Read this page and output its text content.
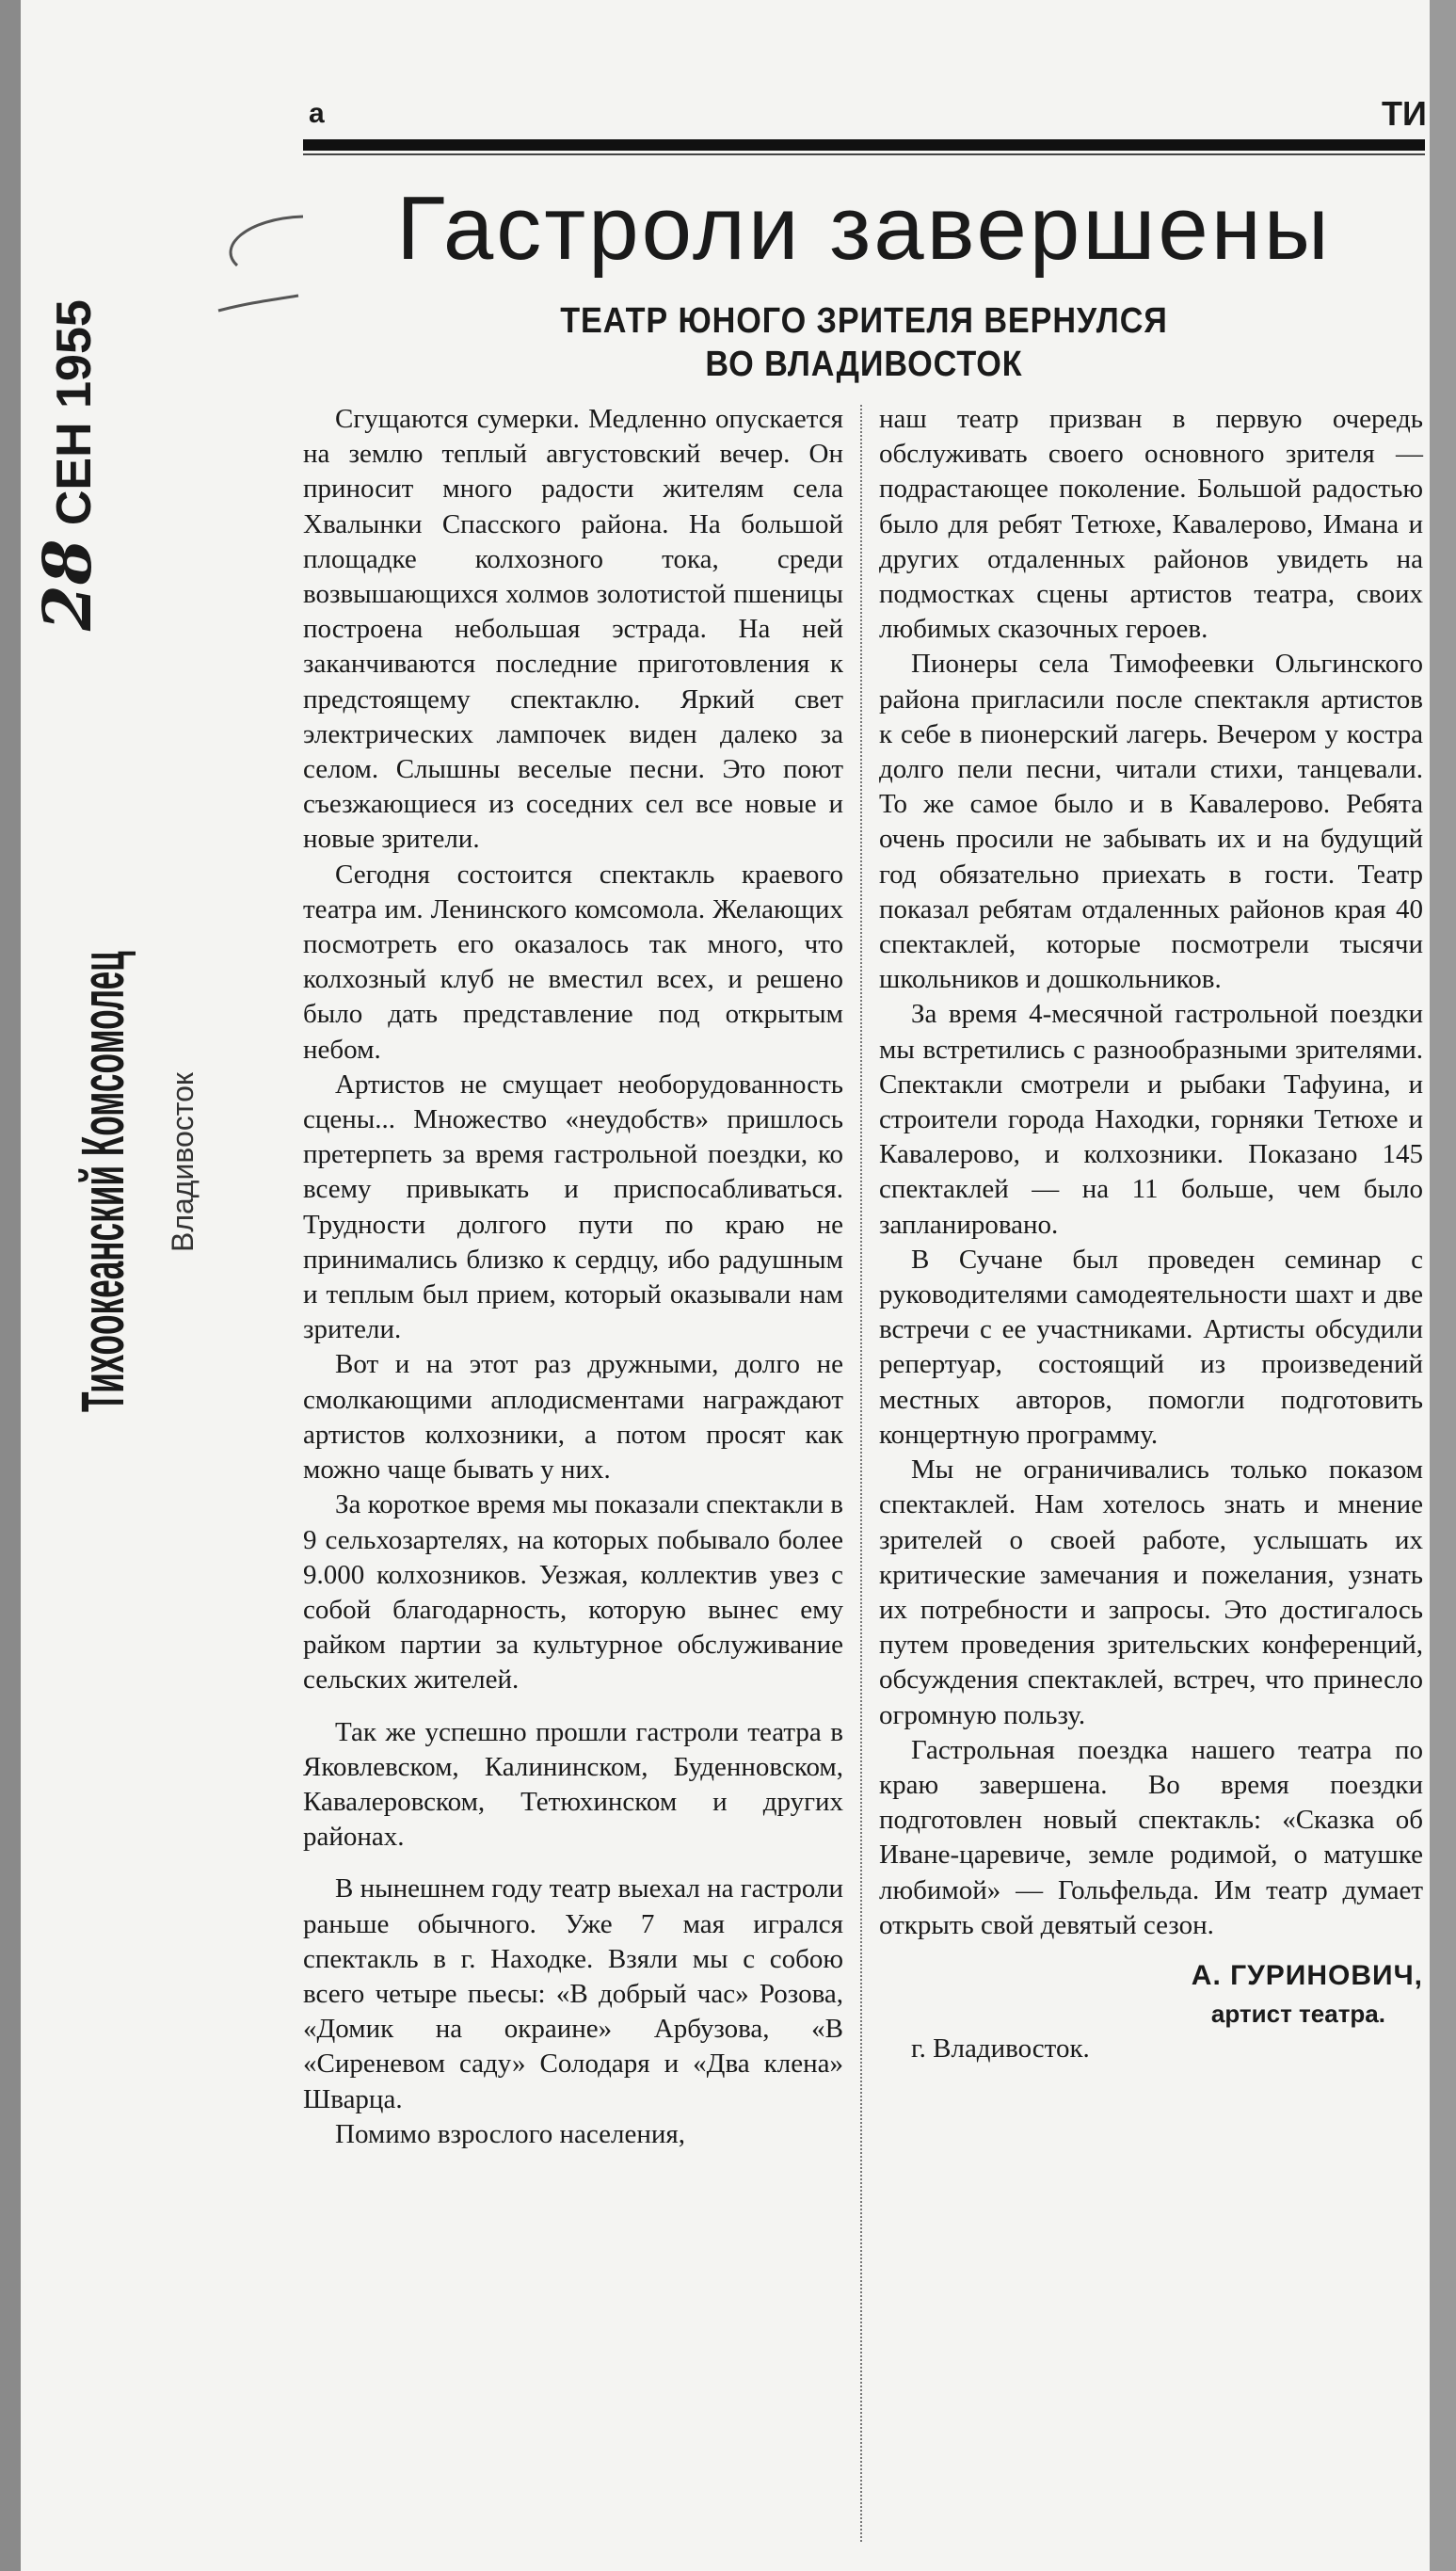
28 СЕН 1955
Тихоокеанский Комсомолец Владивосток
а	ТИ
Гастроли завершены
ТЕАТР ЮНОГО ЗРИТЕЛЯ ВЕРНУЛСЯ
ВО ВЛАДИВОСТОК

Сгущаются сумерки. Медленно опускается на землю теплый августовский вечер. Он приносит много радости жителям села Хвалынки Спасского района. На большой площадке колхозного тока, среди возвышающихся холмов золотистой пшеницы построена небольшая эстрада. На ней заканчиваются последние приготовления к предстоящему спектаклю. Яркий свет электрических лампочек виден далеко за селом. Слышны веселые песни. Это поют съезжающиеся из соседних сел все новые и новые зрители.

Сегодня состоится спектакль краевого театра им. Ленинского комсомола. Желающих посмотреть его оказалось так много, что колхозный клуб не вместил всех, и решено было дать представление под открытым небом.

Артистов не смущает необорудованность сцены... Множество «неудобств» пришлось претерпеть за время гастрольной поездки, ко всему привыкать и приспосабливаться. Трудности долгого пути по краю не принимались близко к сердцу, ибо радушным и теплым был прием, который оказывали нам зрители.

Вот и на этот раз дружными, долго не смолкающими аплодисментами награждают артистов колхозники, а потом просят как можно чаще бывать у них.

За короткое время мы показали спектакли в 9 сельхозартелях, на которых побывало более 9.000 колхозников. Уезжая, коллектив увез с собой благодарность, которую вынес ему райком партии за культурное обслуживание сельских жителей.

Так же успешно прошли гастроли театра в Яковлевском, Калининском, Буденновском, Кавалеровском, Тетюхинском и других районах.

В нынешнем году театр выехал на гастроли раньше обычного. Уже 7 мая игрался спектакль в г. Находке. Взяли мы с собою всего четыре пьесы: «В добрый час» Розова, «Домик на окраине» Арбузова, «В «Сиреневом саду» Солодаря и «Два клена» Шварца.

Помимо взрослого населения,

наш театр призван в первую очередь обслуживать своего основного зрителя — подрастающее поколение. Большой радостью было для ребят Тетюхе, Кавалерово, Имана и других отдаленных районов увидеть на подмостках сцены артистов театра, своих любимых сказочных героев.

Пионеры села Тимофеевки Ольгинского района пригласили после спектакля артистов к себе в пионерский лагерь. Вечером у костра долго пели песни, читали стихи, танцевали. То же самое было и в Кавалерово. Ребята очень просили не забывать их и на будущий год обязательно приехать в гости. Театр показал ребятам отдаленных районов края 40 спектаклей, которые посмотрели тысячи школьников и дошкольников.

За время 4-месячной гастрольной поездки мы встретились с разнообразными зрителями. Спектакли смотрели и рыбаки Тафуина, и строители города Находки, горняки Тетюхе и Кавалерово, и колхозники. Показано 145 спектаклей — на 11 больше, чем было запланировано.

В Сучане был проведен семинар с руководителями самодеятельности шахт и две встречи с ее участниками. Артисты обсудили репертуар, состоящий из произведений местных авторов, помогли подготовить концертную программу.

Мы не ограничивались только показом спектаклей. Нам хотелось знать и мнение зрителей о своей работе, услышать их критические замечания и пожелания, узнать их потребности и запросы. Это достигалось путем проведения зрительских конференций, обсуждения спектаклей, встреч, что принесло огромную пользу.

Гастрольная поездка нашего театра по краю завершена. Во время поездки подготовлен новый спектакль: «Сказка об Иване-царевиче, земле родимой, о матушке любимой» — Гольфельда. Им театр думает открыть свой девятый сезон.

А. ГУРИНОВИЧ,
артист театра.

г. Владивосток.
